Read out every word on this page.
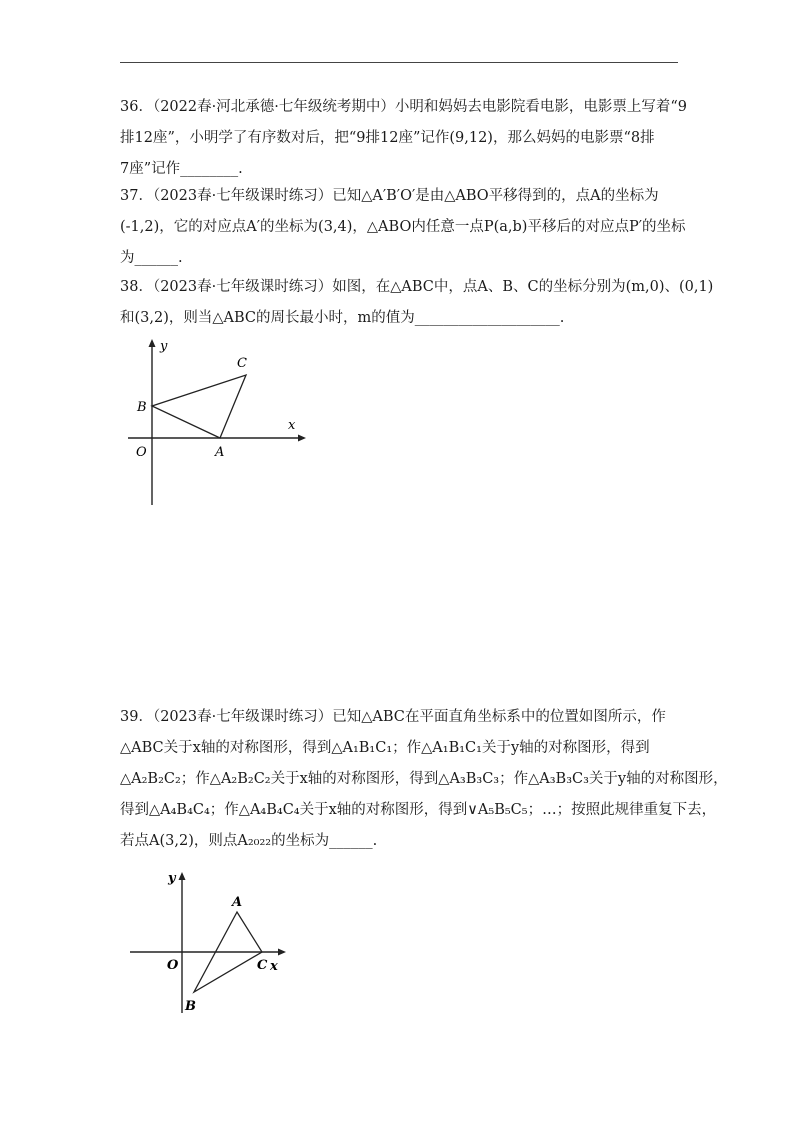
36．（2022春·河北承德·七年级统考期中）小明和妈妈去电影院看电影，电影票上写着“9

排12座”，小明学了有序数对后，把“9排12座”记作(9,12)，那么妈妈的电影票“8排

7座”记作________.

37．（2023春·七年级课时练习）已知△A′B′O′是由△ABO平移得到的，点A的坐标为

(-1,2)，它的对应点A′的坐标为(3,4)，△ABO内任意一点P(a,b)平移后的对应点P′的坐标

为______.

38．（2023春·七年级课时练习）如图，在△ABC中，点A、B、C的坐标分别为(m,0)、(0,1)

和(3,2)，则当△ABC的周长最小时，m的值为____________________.

y
x
O	A
B
C

39．（2023春·七年级课时练习）已知△ABC在平面直角坐标系中的位置如图所示，作

△ABC关于x轴的对称图形，得到△A₁B₁C₁；作△A₁B₁C₁关于y轴的对称图形，得到

△A₂B₂C₂；作△A₂B₂C₂关于x轴的对称图形，得到△A₃B₃C₃；作△A₃B₃C₃关于y轴的对称图形，

得到△A₄B₄C₄；作△A₄B₄C₄关于x轴的对称图形，得到∨A₅B₅C₅；…；按照此规律重复下去，

若点A(3,2)，则点A₂₀₂₂的坐标为______.

y
x
O
A
B
C
